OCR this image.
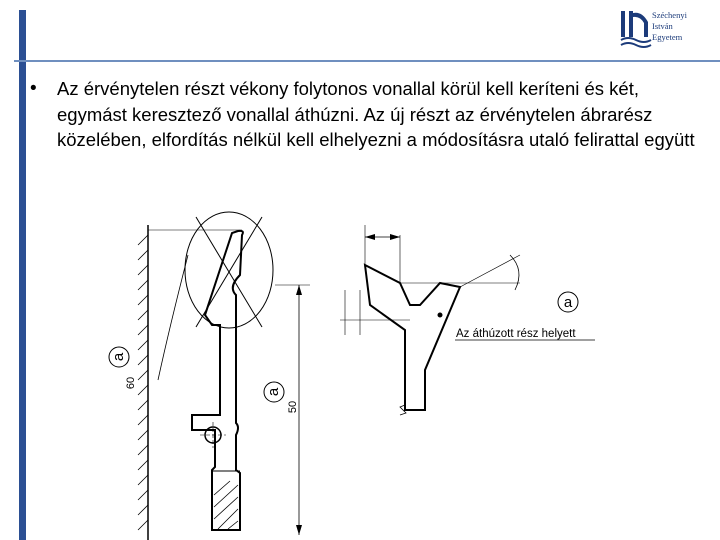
Széchenyi
István
Egyetem
• Az érvénytelen részt vékony folytonos vonallal körül kell keríteni és két, egymást keresztező vonallal áthúzni. Az új részt az érvénytelen ábrarész közelében, elfordítás nélkül kell elhelyezni a módosításra utaló felirattal együtt
a
60
a
50
a
Az áthúzott rész helyett
